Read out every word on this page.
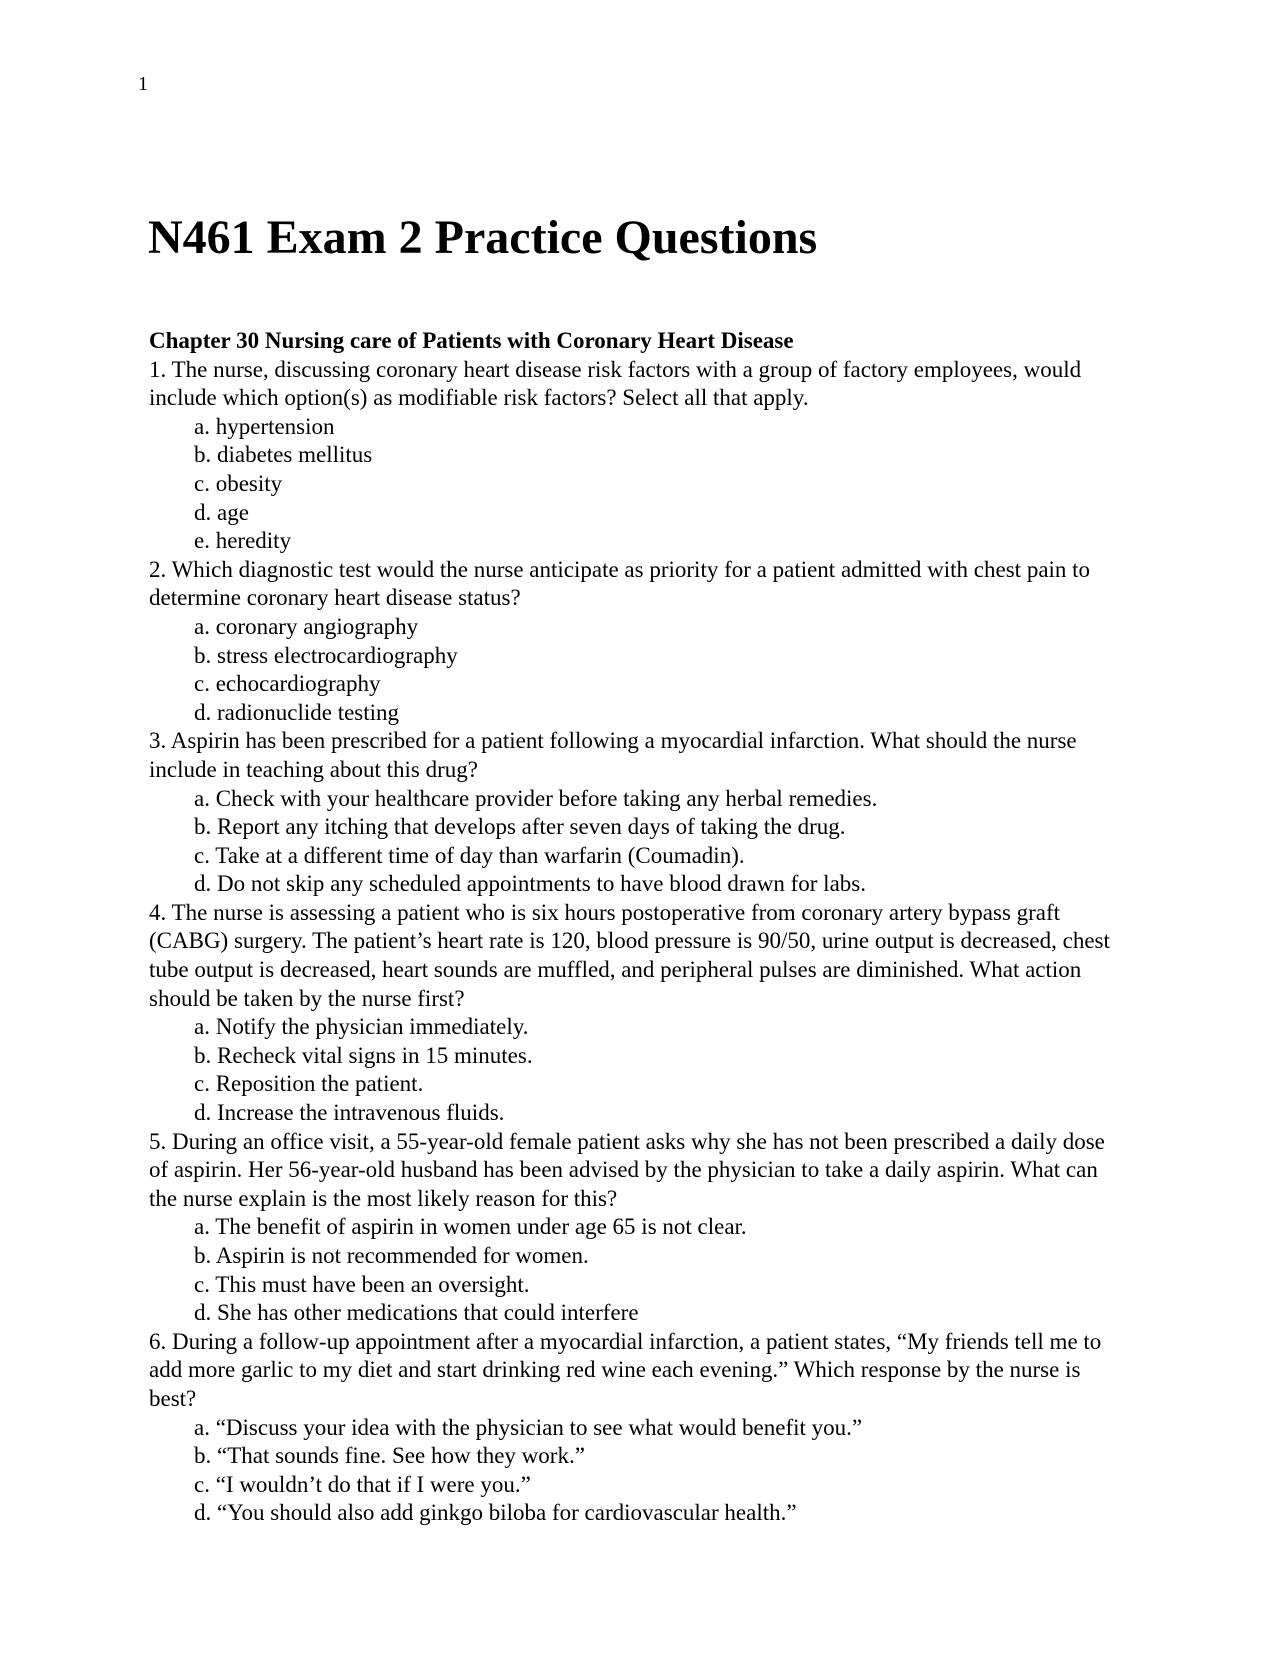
1
N461 Exam 2 Practice Questions

Chapter 30 Nursing care of Patients with Coronary Heart Disease

1. The nurse, discussing coronary heart disease risk factors with a group of factory employees, would include which option(s) as modifiable risk factors? Select all that apply.

a. hypertension
b. diabetes mellitus
c. obesity
d. age
e. heredity

2. Which diagnostic test would the nurse anticipate as priority for a patient admitted with chest pain to determine coronary heart disease status?

a. coronary angiography
b. stress electrocardiography
c. echocardiography
d. radionuclide testing

3. Aspirin has been prescribed for a patient following a myocardial infarction. What should the nurse include in teaching about this drug?

a. Check with your healthcare provider before taking any herbal remedies.
b. Report any itching that develops after seven days of taking the drug.
c. Take at a different time of day than warfarin (Coumadin).
d. Do not skip any scheduled appointments to have blood drawn for labs.

4. The nurse is assessing a patient who is six hours postoperative from coronary artery bypass graft (CABG) surgery. The patient’s heart rate is 120, blood pressure is 90/50, urine output is decreased, chest tube output is decreased, heart sounds are muffled, and peripheral pulses are diminished. What action should be taken by the nurse first?

a. Notify the physician immediately.
b. Recheck vital signs in 15 minutes.
c. Reposition the patient.
d. Increase the intravenous fluids.

5. During an office visit, a 55-year-old female patient asks why she has not been prescribed a daily dose of aspirin. Her 56-year-old husband has been advised by the physician to take a daily aspirin. What can the nurse explain is the most likely reason for this?

a. The benefit of aspirin in women under age 65 is not clear.
b. Aspirin is not recommended for women.
c. This must have been an oversight.
d. She has other medications that could interfere

6. During a follow-up appointment after a myocardial infarction, a patient states, “My friends tell me to add more garlic to my diet and start drinking red wine each evening.” Which response by the nurse is best?

a. “Discuss your idea with the physician to see what would benefit you.”
b. “That sounds fine. See how they work.”
c. “I wouldn’t do that if I were you.”
d. “You should also add ginkgo biloba for cardiovascular health.”
